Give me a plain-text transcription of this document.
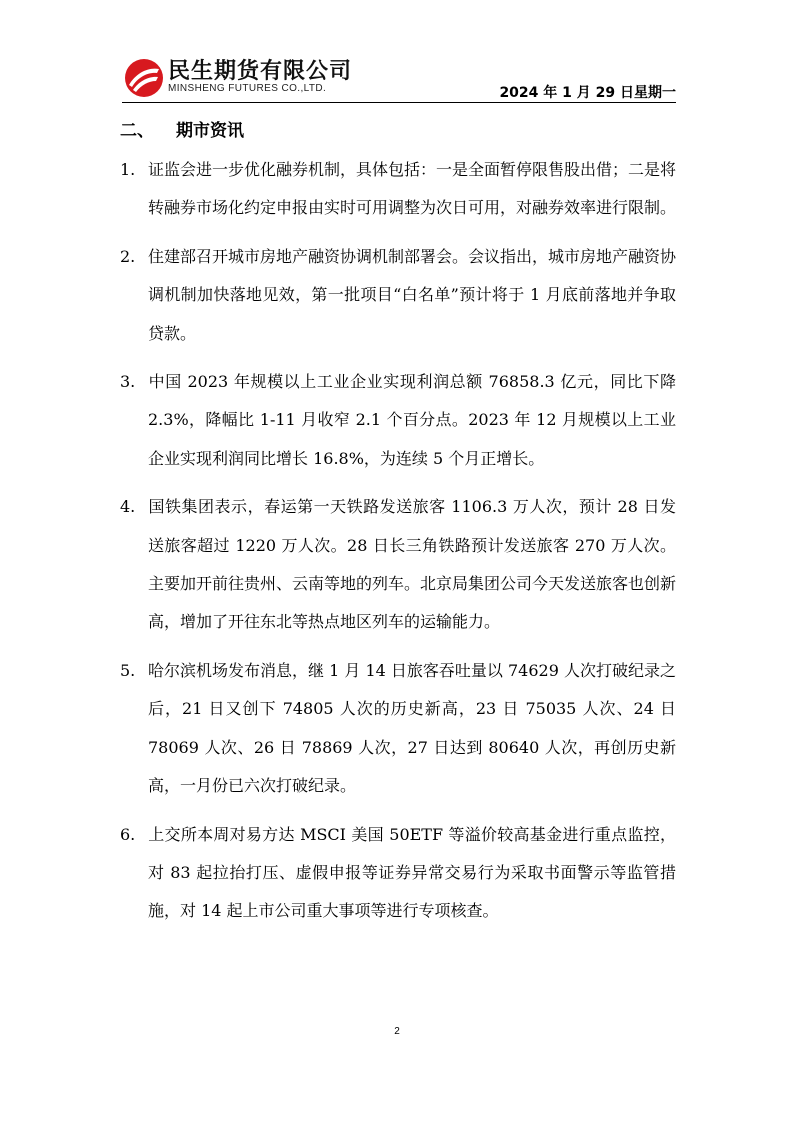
民生期货有限公司
MINSHENG FUTURES CO.,LTD.	2024 年 1 月 29 日星期一
二、 期市资讯

1. 证监会进一步优化融券机制，具体包括：一是全面暂停限售股出借；二是将转融券市场化约定申报由实时可用调整为次日可用，对融券效率进行限制。

2. 住建部召开城市房地产融资协调机制部署会。会议指出，城市房地产融资协调机制加快落地见效，第一批项目“白名单”预计将于 1 月底前落地并争取贷款。

3. 中国 2023 年规模以上工业企业实现利润总额 76858.3 亿元，同比下降 2.3%，降幅比 1-11 月收窄 2.1 个百分点。2023 年 12 月规模以上工业企业实现利润同比增长 16.8%，为连续 5 个月正增长。

4. 国铁集团表示，春运第一天铁路发送旅客 1106.3 万人次，预计 28 日发送旅客超过 1220 万人次。28 日长三角铁路预计发送旅客 270 万人次。主要加开前往贵州、云南等地的列车。北京局集团公司今天发送旅客也创新高，增加了开往东北等热点地区列车的运输能力。

5. 哈尔滨机场发布消息，继 1 月 14 日旅客吞吐量以 74629 人次打破纪录之后，21 日又创下 74805 人次的历史新高，23 日 75035 人次、24 日 78069 人次、26 日 78869 人次，27 日达到 80640 人次，再创历史新高，一月份已六次打破纪录。

6. 上交所本周对易方达 MSCI 美国 50ETF 等溢价较高基金进行重点监控，对 83 起拉抬打压、虚假申报等证券异常交易行为采取书面警示等监管措施，对 14 起上市公司重大事项等进行专项核查。

2
